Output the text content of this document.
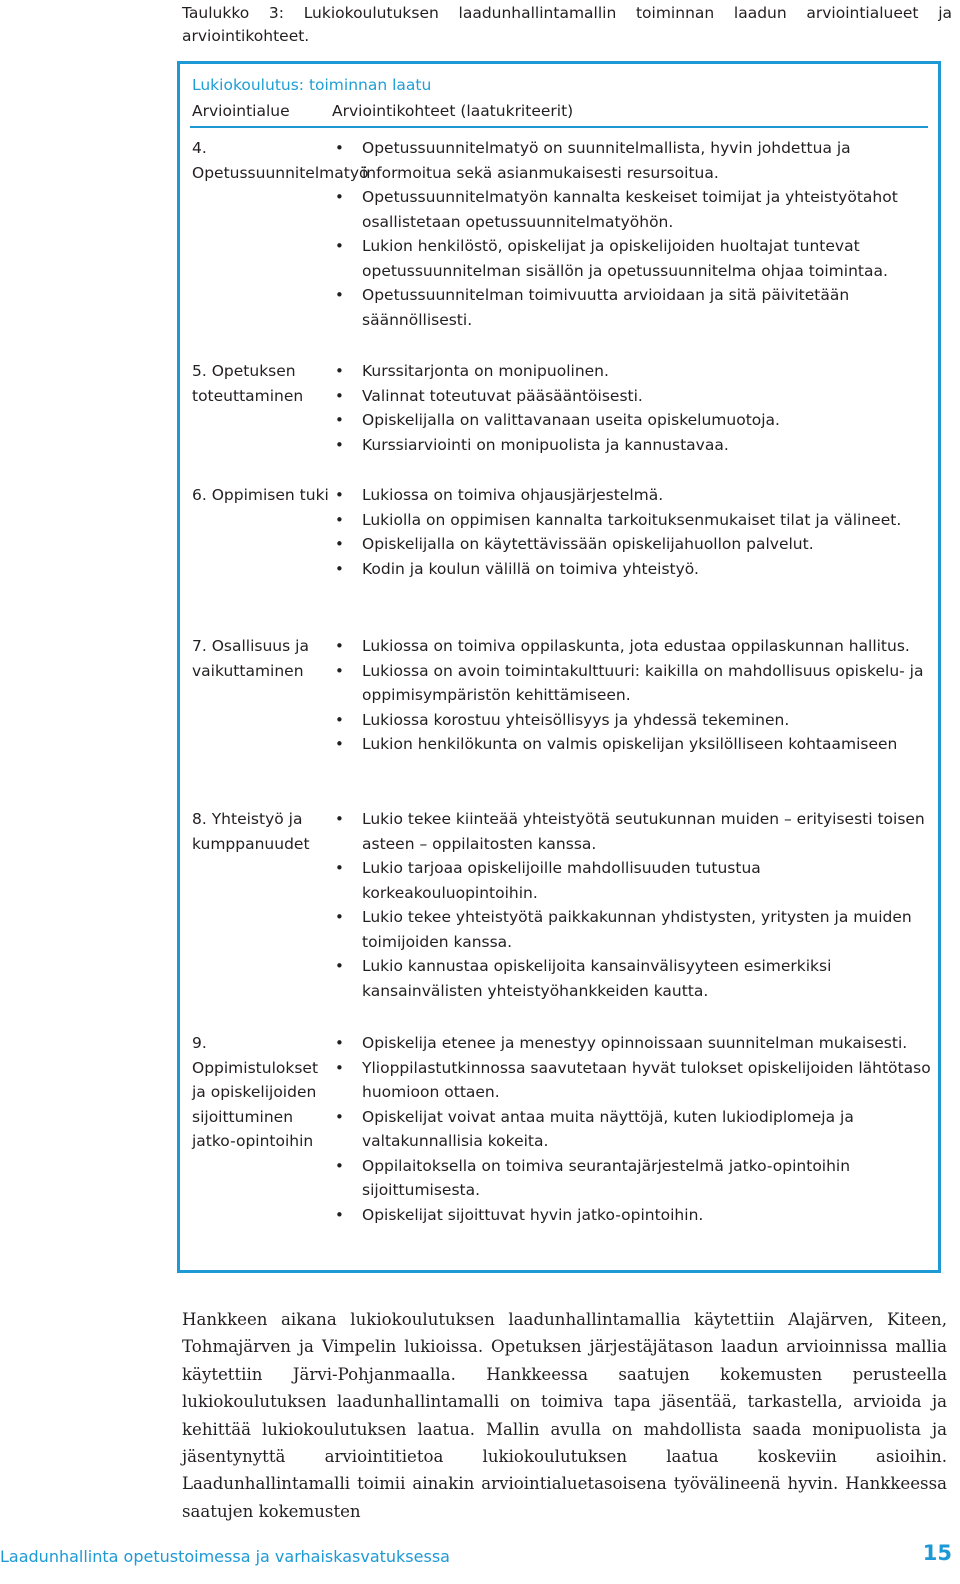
Taulukko 3: Lukiokoulutuksen laadunhallintamallin toiminnan laadun arviointialueet ja arviointikohteet.
Lukiokoulutus: toiminnan laatu
Arviointialue	Arviointikohteet (laatukriteerit)
4. Opetussuunnitelmatyö
• Opetussuunnitelmatyö on suunnitelmallista, hyvin johdettua ja informoitua sekä asianmukaisesti resursoitua.
• Opetussuunnitelmatyön kannalta keskeiset toimijat ja yhteistyötahot osallistetaan opetussuunnitelmatyöhön.
• Lukion henkilöstö, opiskelijat ja opiskelijoiden huoltajat tuntevat opetussuunnitelman sisällön ja opetussuunnitelma ohjaa toimintaa.
• Opetussuunnitelman toimivuutta arvioidaan ja sitä päivitetään säännöllisesti.
5. Opetuksen toteuttaminen
• Kurssitarjonta on monipuolinen.
• Valinnat toteutuvat pääsääntöisesti.
• Opiskelijalla on valittavanaan useita opiskelumuotoja.
• Kurssiarviointi on monipuolista ja kannustavaa.
6. Oppimisen tuki • Lukiossa on toimiva ohjausjärjestelmä.
• Lukiolla on oppimisen kannalta tarkoituksenmukaiset tilat ja välineet.
• Opiskelijalla on käytettävissään opiskelijahuollon palvelut.
• Kodin ja koulun välillä on toimiva yhteistyö.
7. Osallisuus ja vaikuttaminen
• Lukiossa on toimiva oppilaskunta, jota edustaa oppilaskunnan hallitus.
• Lukiossa on avoin toimintakulttuuri: kaikilla on mahdollisuus opiskelu- ja oppimisympäristön kehittämiseen.
• Lukiossa korostuu yhteisöllisyys ja yhdessä tekeminen.
• Lukion henkilökunta on valmis opiskelijan yksilölliseen kohtaamiseen
8. Yhteistyö ja kumppanuudet
• Lukio tekee kiinteää yhteistyötä seutukunnan muiden – erityisesti toisen asteen – oppilaitosten kanssa.
• Lukio tarjoaa opiskelijoille mahdollisuuden tutustua korkeakouluopintoihin.
• Lukio tekee yhteistyötä paikkakunnan yhdistysten, yritysten ja muiden toimijoiden kanssa.
• Lukio kannustaa opiskelijoita kansainvälisyyteen esimerkiksi kansainvälisten yhteistyöhankkeiden kautta.
9. Oppimistulokset ja opiskelijoiden sijoittuminen jatko-opintoihin
• Opiskelija etenee ja menestyy opinnoissaan suunnitelman mukaisesti.
• Ylioppilastutkinnossa saavutetaan hyvät tulokset opiskelijoiden lähtötaso huomioon ottaen.
• Opiskelijat voivat antaa muita näyttöjä, kuten lukiodiplomeja ja valtakunnallisia kokeita.
• Oppilaitoksella on toimiva seurantajärjestelmä jatko-opintoihin sijoittumisesta.
• Opiskelijat sijoittuvat hyvin jatko-opintoihin.
Hankkeen aikana lukiokoulutuksen laadunhallintamallia käytettiin Alajärven, Kiteen, Tohmajärven ja Vimpelin lukioissa. Opetuksen järjestäjätason laadun arvioinnissa mallia käytettiin Järvi-Pohjanmaalla. Hankkeessa saatujen kokemusten perusteella lukiokoulutuksen laadunhallintamalli on toimiva tapa jäsentää, tarkastella, arvioida ja kehittää lukiokoulutuksen laatua. Mallin avulla on mahdollista saada monipuolista ja jäsentynyttä arviointitietoa lukiokoulutuksen laatua koskeviin asioihin. Laadunhallintamalli toimii ainakin arviointialuetasoisena työvälineenä hyvin. Hankkeessa saatujen kokemusten
Laadunhallinta opetustoimessa ja varhaiskasvatuksessa	15
